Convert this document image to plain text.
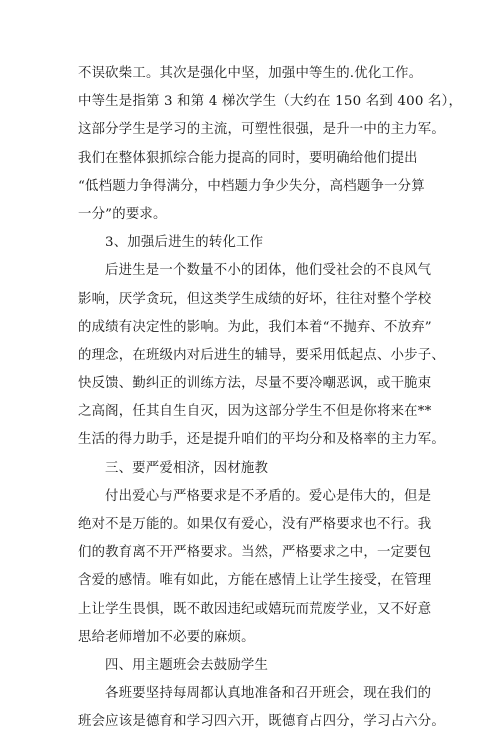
不误砍柴工。其次是强化中坚，加强中等生的.优化工作。
中等生是指第 3 和第 4 梯次学生（大约在 150 名到 400 名），
这部分学生是学习的主流，可塑性很强，是升一中的主力军。
我们在整体狠抓综合能力提高的同时，要明确给他们提出
“低档题力争得满分，中档题力争少失分，高档题争一分算
一分”的要求。
3、加强后进生的转化工作
后进生是一个数量不小的团体，他们受社会的不良风气
影响，厌学贪玩，但这类学生成绩的好坏，往往对整个学校
的成绩有决定性的影响。为此，我们本着“不抛弃、不放弃”
的理念，在班级内对后进生的辅导，要采用低起点、小步子、
快反馈、勤纠正的训练方法，尽量不要冷嘲恶讽，或干脆束
之高阁，任其自生自灭，因为这部分学生不但是你将来在**
生活的得力助手，还是提升咱们的平均分和及格率的主力军。
三、要严爱相济，因材施教
付出爱心与严格要求是不矛盾的。爱心是伟大的，但是
绝对不是万能的。如果仅有爱心，没有严格要求也不行。我
们的教育离不开严格要求。当然，严格要求之中，一定要包
含爱的感情。唯有如此，方能在感情上让学生接受，在管理
上让学生畏惧，既不敢因违纪或嬉玩而荒废学业，又不好意
思给老师增加不必要的麻烦。
四、用主题班会去鼓励学生
各班要坚持每周都认真地准备和召开班会，现在我们的
班会应该是德育和学习四六开，既德育占四分，学习占六分。
